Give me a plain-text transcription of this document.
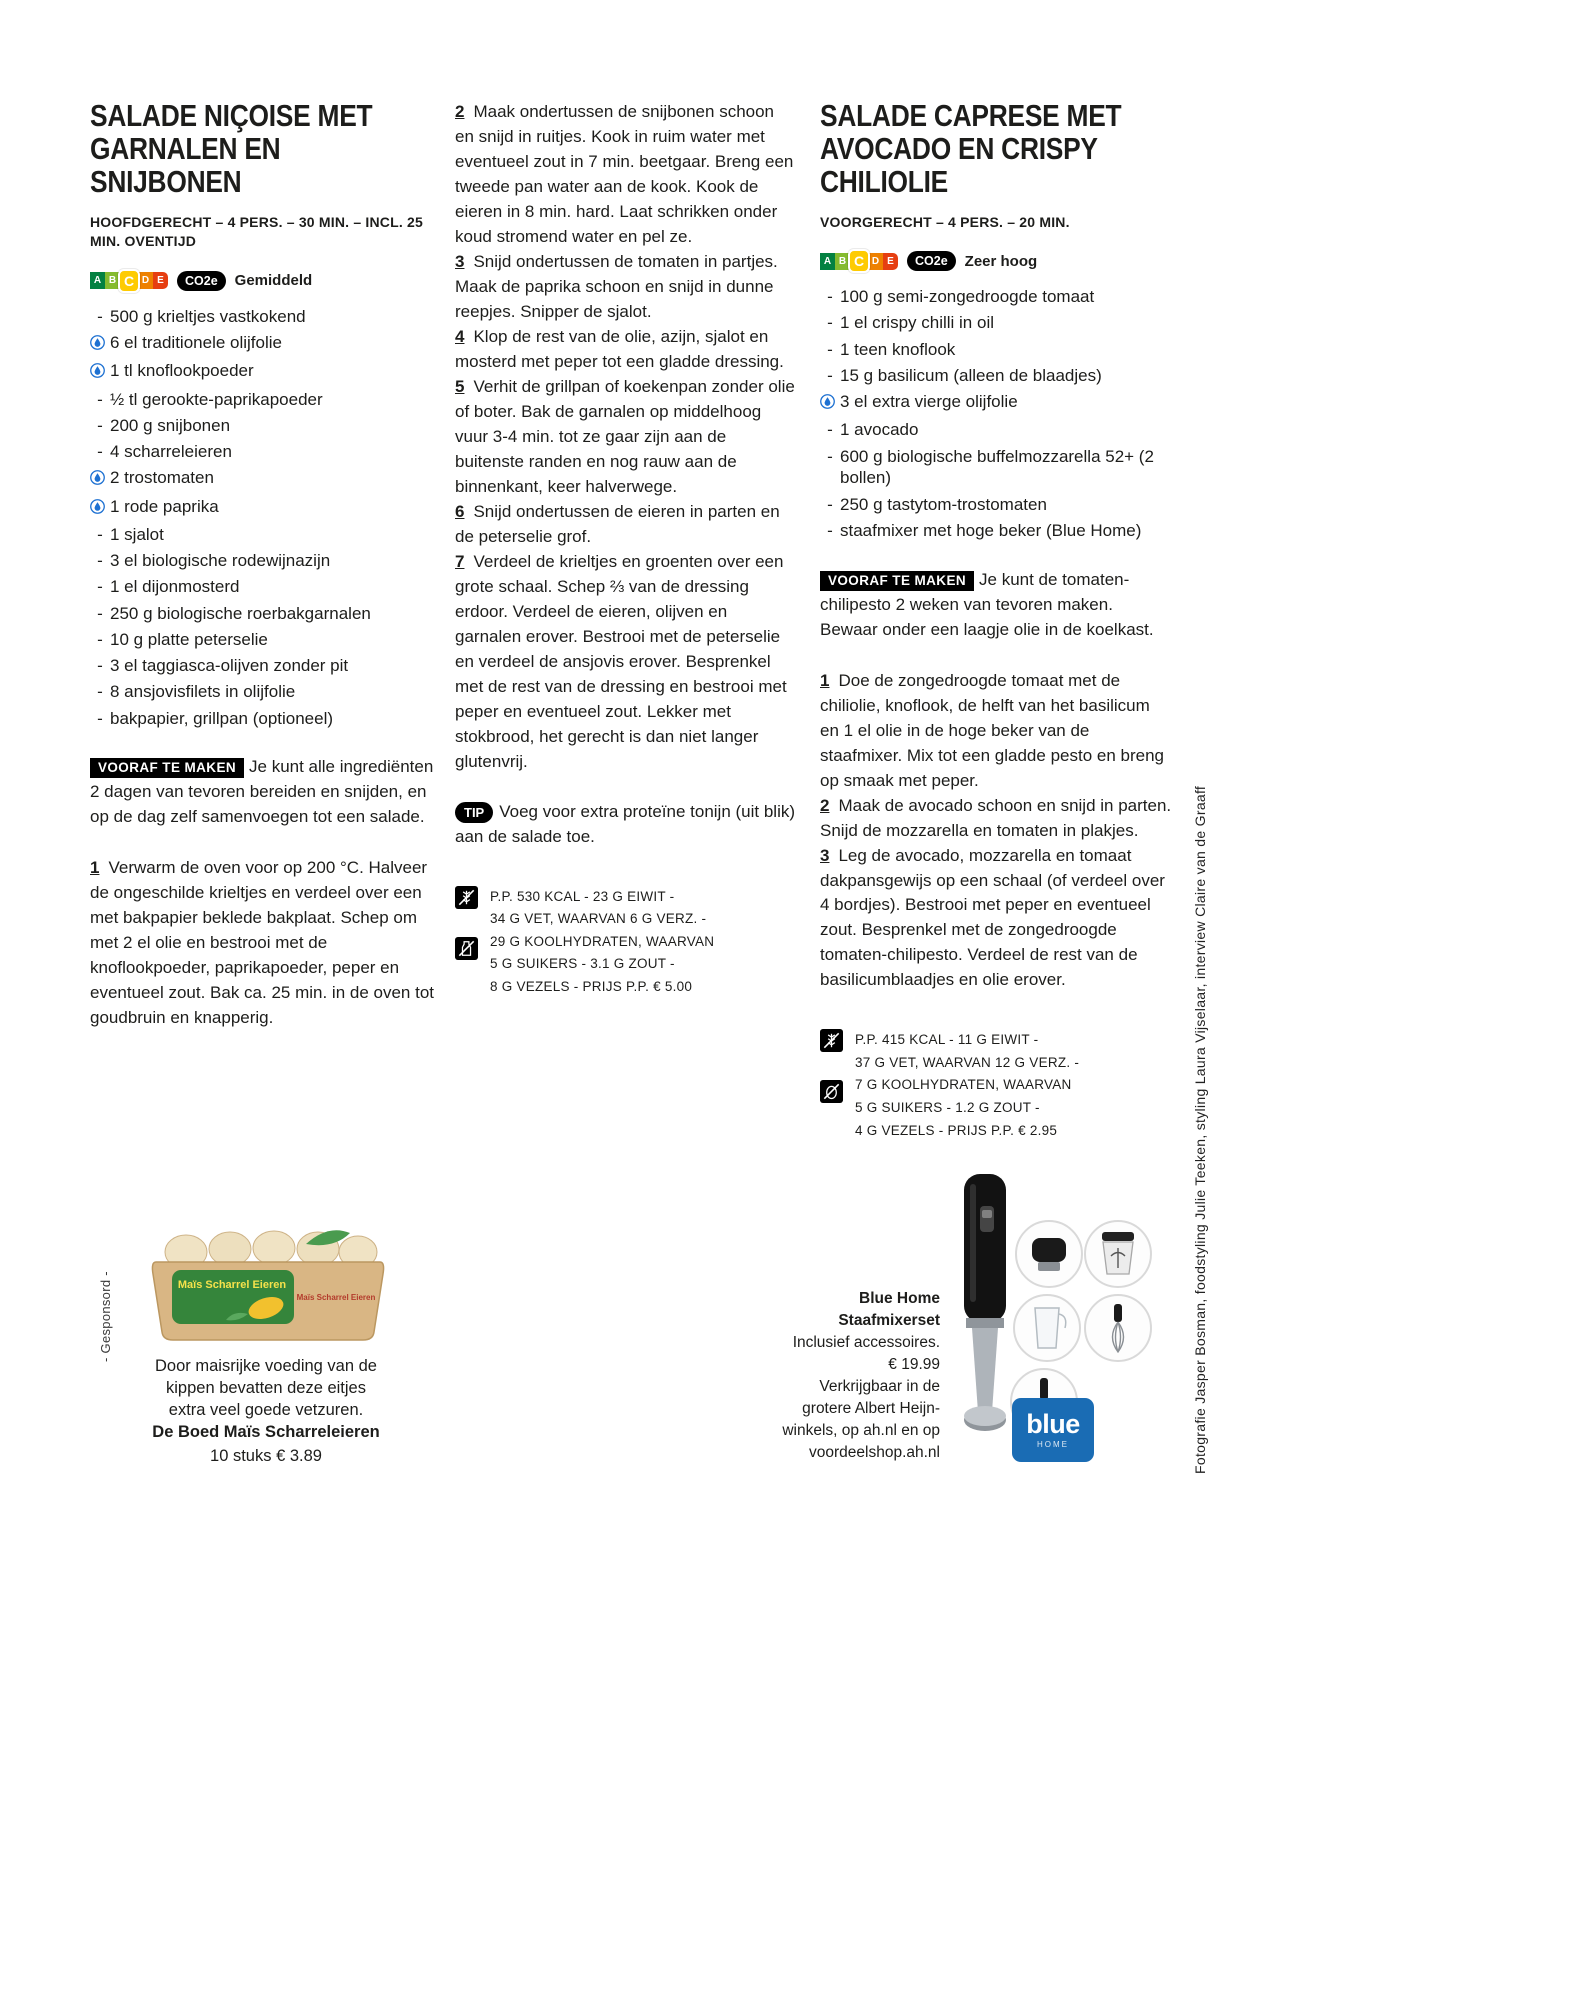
SALADE NIÇOISE MET GARNALEN EN SNIJBONEN
HOOFDGERECHT – 4 PERS. – 30 MIN. – INCL. 25 MIN. OVENTIJD
A B C D E	CO2e	Gemiddeld
- 500 g krieltjes vastkokend
6 el traditionele olijfolie
1 tl knoflookpoeder
- ½ tl gerookte-paprikapoeder
- 200 g snijbonen
- 4 scharreleieren
2 trostomaten
1 rode paprika
- 1 sjalot
- 3 el biologische rodewijnazijn
- 1 el dijonmosterd
- 250 g biologische roerbakgarnalen
- 10 g platte peterselie
- 3 el taggiasca-olijven zonder pit
- 8 ansjovisfilets in olijfolie
- bakpapier, grillpan (optioneel)

VOORAF TE MAKEN Je kunt alle ingrediënten 2 dagen van tevoren bereiden en snijden, en op de dag zelf samenvoegen tot een salade.

1 Verwarm de oven voor op 200 °C. Halveer de ongeschilde krieltjes en verdeel over een met bakpapier beklede bakplaat. Schep om met 2 el olie en bestrooi met de knoflookpoeder, paprikapoeder, peper en eventueel zout. Bak ca. 25 min. in de oven tot goudbruin en knapperig.

2 Maak ondertussen de snijbonen schoon en snijd in ruitjes. Kook in ruim water met eventueel zout in 7 min. beetgaar. Breng een tweede pan water aan de kook. Kook de eieren in 8 min. hard. Laat schrikken onder koud stromend water en pel ze.

3 Snijd ondertussen de tomaten in partjes. Maak de paprika schoon en snijd in dunne reepjes. Snipper de sjalot.

4 Klop de rest van de olie, azijn, sjalot en mosterd met peper tot een gladde dressing.

5 Verhit de grillpan of koekenpan zonder olie of boter. Bak de garnalen op middelhoog vuur 3-4 min. tot ze gaar zijn aan de buitenste randen en nog rauw aan de binnenkant, keer halverwege.

6 Snijd ondertussen de eieren in parten en de peterselie grof.

7 Verdeel de krieltjes en groenten over een grote schaal. Schep ⅔ van de dressing erdoor. Verdeel de eieren, olijven en garnalen erover. Bestrooi met de peterselie en verdeel de ansjovis erover. Besprenkel met de rest van de dressing en bestrooi met peper en eventueel zout. Lekker met stokbrood, het gerecht is dan niet langer glutenvrij.

TIP Voeg voor extra proteïne tonijn (uit blik) aan de salade toe.

P.P. 530 KCAL - 23 G EIWIT -
34 G VET, WAARVAN 6 G VERZ. -
29 G KOOLHYDRATEN, WAARVAN
5 G SUIKERS - 3.1 G ZOUT -
8 G VEZELS - PRIJS P.P. € 5.00
SALADE CAPRESE MET AVOCADO EN CRISPY CHILIOLIE
VOORGERECHT – 4 PERS. – 20 MIN.
A B C D E	CO2e	Zeer hoog
- 100 g semi-zongedroogde tomaat
- 1 el crispy chilli in oil
- 1 teen knoflook
- 15 g basilicum (alleen de blaadjes)
3 el extra vierge olijfolie
- 1 avocado
- 600 g biologische buffelmozzarella 52+ (2 bollen)
- 250 g tastytom-trostomaten
- staafmixer met hoge beker (Blue Home)

VOORAF TE MAKEN Je kunt de tomaten-chilipesto 2 weken van tevoren maken. Bewaar onder een laagje olie in de koelkast.

1 Doe de zongedroogde tomaat met de chiliolie, knoflook, de helft van het basilicum en 1 el olie in de hoge beker van de staafmixer. Mix tot een gladde pesto en breng op smaak met peper.

2 Maak de avocado schoon en snijd in parten. Snijd de mozzarella en tomaten in plakjes.

3 Leg de avocado, mozzarella en tomaat dakpansgewijs op een schaal (of verdeel over 4 bordjes). Bestrooi met peper en eventueel zout. Besprenkel met de zongedroogde tomaten-chilipesto. Verdeel de rest van de basilicumblaadjes en olie erover.

P.P. 415 KCAL - 11 G EIWIT -
37 G VET, WAARVAN 12 G VERZ. -
7 G KOOLHYDRATEN, WAARVAN
5 G SUIKERS - 1.2 G ZOUT -
4 G VEZELS - PRIJS P.P. € 2.95
- Gesponsord -	Maïs Scharrel Eieren
Maïs Scharrel Eieren
Door maisrijke voeding van de
kippen bevatten deze eitjes
extra veel goede vetzuren.
De Boed Maïs Scharreleieren
10 stuks € 3.89
Blue Home
Staafmixerset
Inclusief accessoires.
€ 19.99
Verkrijgbaar in de grotere Albert Heijn-winkels, op ah.nl en op voordeelshop.ah.nl
blue
HOME	Fotografie Jasper Bosman, foodstyling Julie Teeken, styling Laura Vijselaar, interview Claire van de Graaff
